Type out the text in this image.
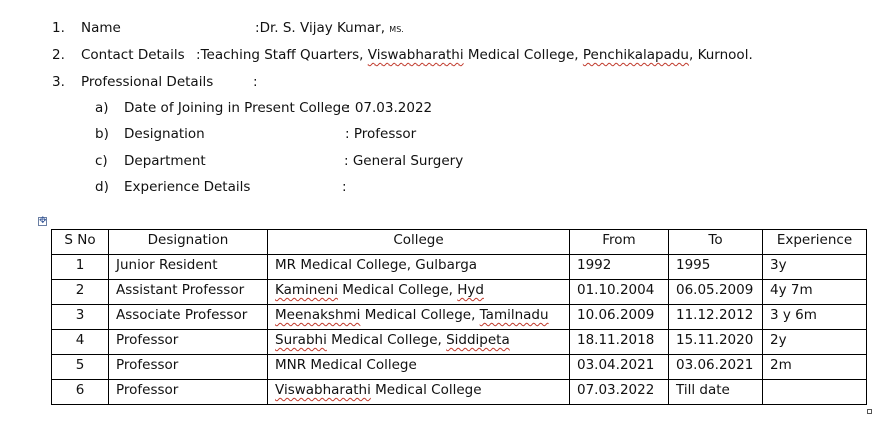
1. Name	:Dr. S. Vijay Kumar, MS.
2. Contact Details :Teaching Staff Quarters, Viswabharathi Medical College, Penchikalapadu, Kurnool.
3. Professional Details	:
a) Date of Joining in Present College
: 07.03.2022
b) Designation	: Professor
c) Department	: General Surgery
d) Experience Details	:
✥
S No	Designation	College	From	To	Experience
1	Junior Resident	MR Medical College, Gulbarga	1992	1995	3y
2	Assistant Professor	Kamineni Medical College, Hyd	01.10.2004	06.05.2009	4y 7m
3	Associate Professor	Meenakshmi Medical College, Tamilnadu	10.06.2009	11.12.2012	3 y 6m
4	Professor	Surabhi Medical College, Siddipeta	18.11.2018	15.11.2020	2y
5	Professor	MNR Medical College	03.04.2021	03.06.2021	2m
6	Professor	Viswabharathi Medical College	07.03.2022	Till date	
